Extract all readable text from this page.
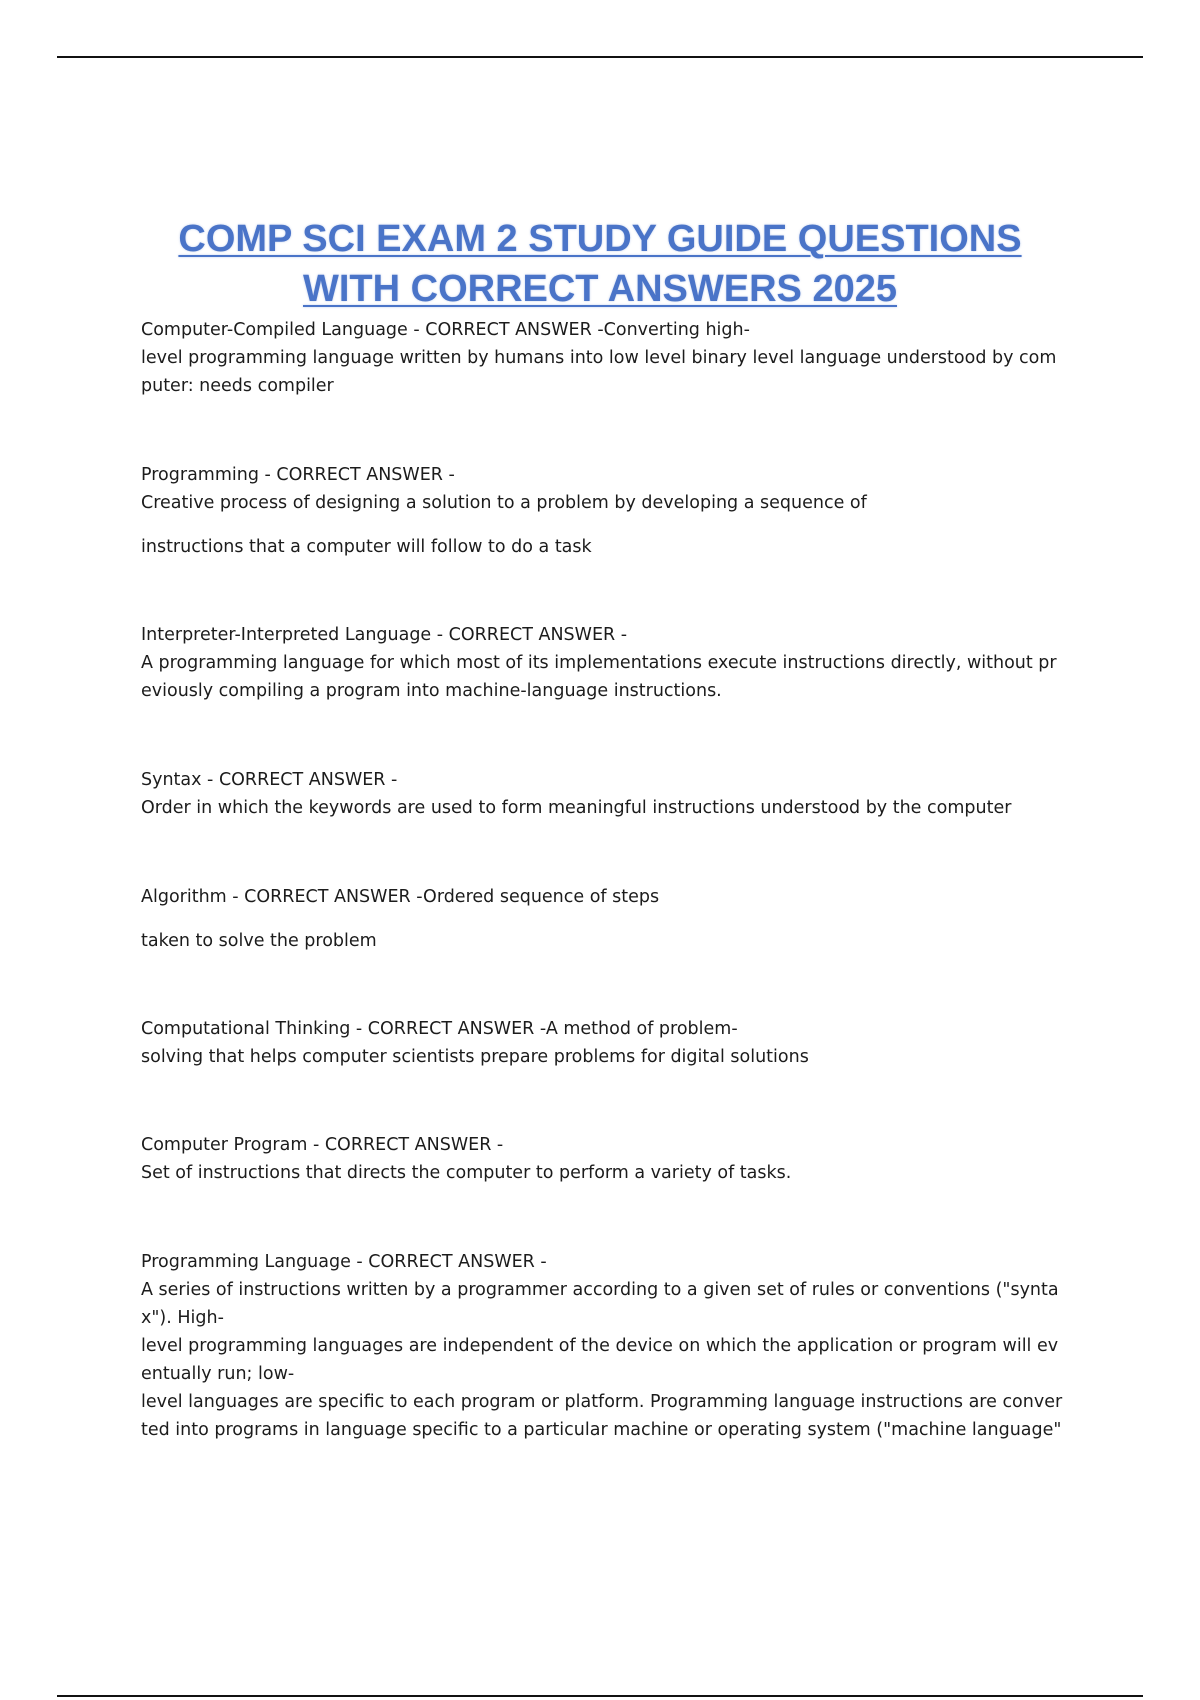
COMP SCI EXAM 2 STUDY GUIDE QUESTIONS
WITH CORRECT ANSWERS 2025
Computer-Compiled Language - CORRECT ANSWER -Converting high-
level programming language written by humans into low level binary level language understood by com
puter: needs compiler
Programming - CORRECT ANSWER -
Creative process of designing a solution to a problem by developing a sequence of
instructions that a computer will follow to do a task
Interpreter-Interpreted Language - CORRECT ANSWER -
A programming language for which most of its implementations execute instructions directly, without pr
eviously compiling a program into machine-language instructions.
Syntax - CORRECT ANSWER -
Order in which the keywords are used to form meaningful instructions understood by the computer
Algorithm - CORRECT ANSWER -Ordered sequence of steps
taken to solve the problem
Computational Thinking - CORRECT ANSWER -A method of problem-
solving that helps computer scientists prepare problems for digital solutions
Computer Program - CORRECT ANSWER -
Set of instructions that directs the computer to perform a variety of tasks.
Programming Language - CORRECT ANSWER -
A series of instructions written by a programmer according to a given set of rules or conventions ("synta
x"). High-
level programming languages are independent of the device on which the application or program will ev
entually run; low-
level languages are specific to each program or platform. Programming language instructions are conver
ted into programs in language specific to a particular machine or operating system ("machine language"
